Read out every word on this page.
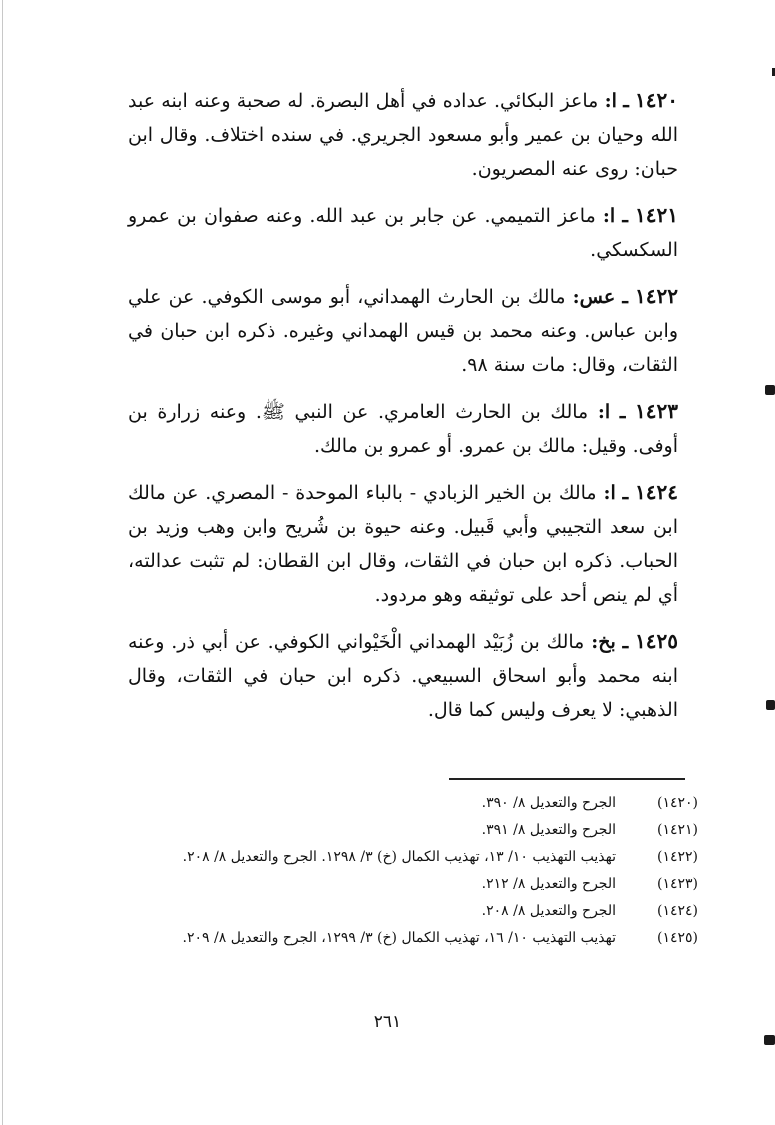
١٤٢٠ ـ ا: ماعز البكائي. عداده في أهل البصرة. له صحبة وعنه ابنه عبد الله وحيان بن عمير وأبو مسعود الجريري. في سنده اختلاف. وقال ابن حبان: روى عنه المصريون.

١٤٢١ ـ ا: ماعز التميمي. عن جابر بن عبد الله. وعنه صفوان بن عمرو السكسكي.

١٤٢٢ ـ عس: مالك بن الحارث الهمداني، أبو موسى الكوفي. عن علي وابن عباس. وعنه محمد بن قيس الهمداني وغيره. ذكره ابن حبان في الثقات، وقال: مات سنة ٩٨.

١٤٢٣ ـ ا: مالك بن الحارث العامري. عن النبي ﷺ. وعنه زرارة بن أوفى. وقيل: مالك بن عمرو. أو عمرو بن مالك.

١٤٢٤ ـ ا: مالك بن الخير الزبادي - بالباء الموحدة - المصري. عن مالك ابن سعد التجيبي وأبي قَبيل. وعنه حيوة بن شُريح وابن وهب وزيد بن الحباب. ذكره ابن حبان في الثقات، وقال ابن القطان: لم تثبت عدالته، أي لم ينص أحد على توثيقه وهو مردود.

١٤٢٥ ـ بخ: مالك بن زُبَيْد الهمداني الْخَيْواني الكوفي. عن أبي ذر. وعنه ابنه محمد وأبو اسحاق السبيعي. ذكره ابن حبان في الثقات، وقال الذهبي: لا يعرف وليس كما قال.

(١٤٢٠)
الجرح والتعديل ٨/ ٣٩٠.
(١٤٢١)
الجرح والتعديل ٨/ ٣٩١.
(١٤٢٢)
تهذيب التهذيب ١٠/ ١٣، تهذيب الكمال (خ) ٣/ ١٢٩٨. الجرح والتعديل ٨/ ٢٠٨.
(١٤٢٣)
الجرح والتعديل ٨/ ٢١٢.
(١٤٢٤)
الجرح والتعديل ٨/ ٢٠٨.
(١٤٢٥)
تهذيب التهذيب ١٠/ ١٦، تهذيب الكمال (خ) ٣/ ١٢٩٩، الجرح والتعديل ٨/ ٢٠٩.
٢٦١
